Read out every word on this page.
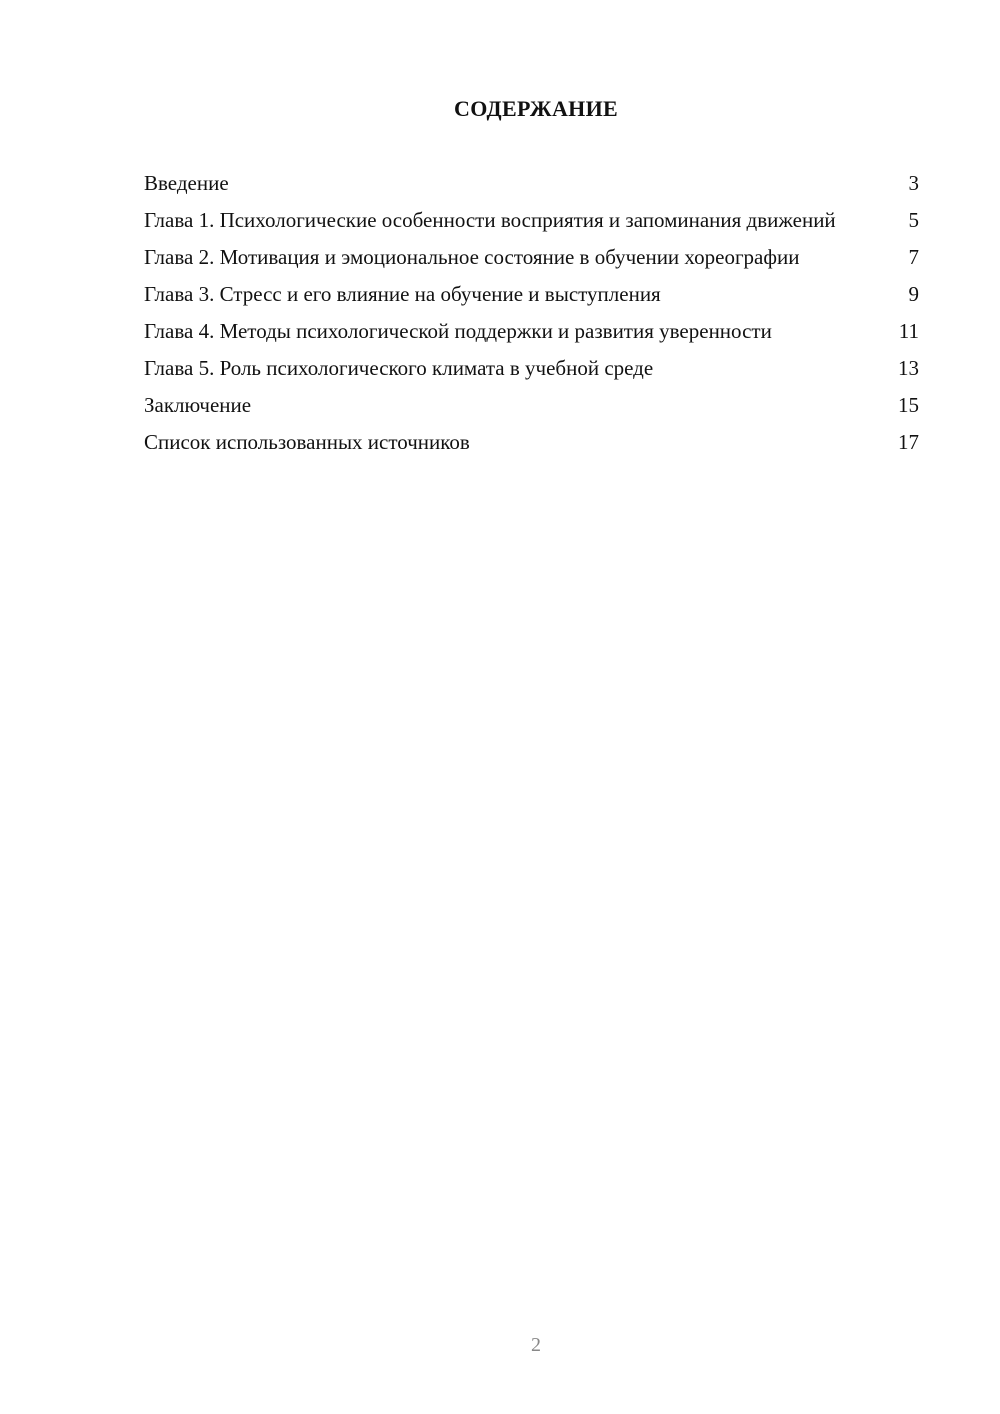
СОДЕРЖАНИЕ
Введение	3
Глава 1. Психологические особенности восприятия и запоминания движений	5
Глава 2. Мотивация и эмоциональное состояние в обучении хореографии	7
Глава 3. Стресс и его влияние на обучение и выступления	9
Глава 4. Методы психологической поддержки и развития уверенности	11
Глава 5. Роль психологического климата в учебной среде	13
Заключение	15
Список использованных источников	17
2
